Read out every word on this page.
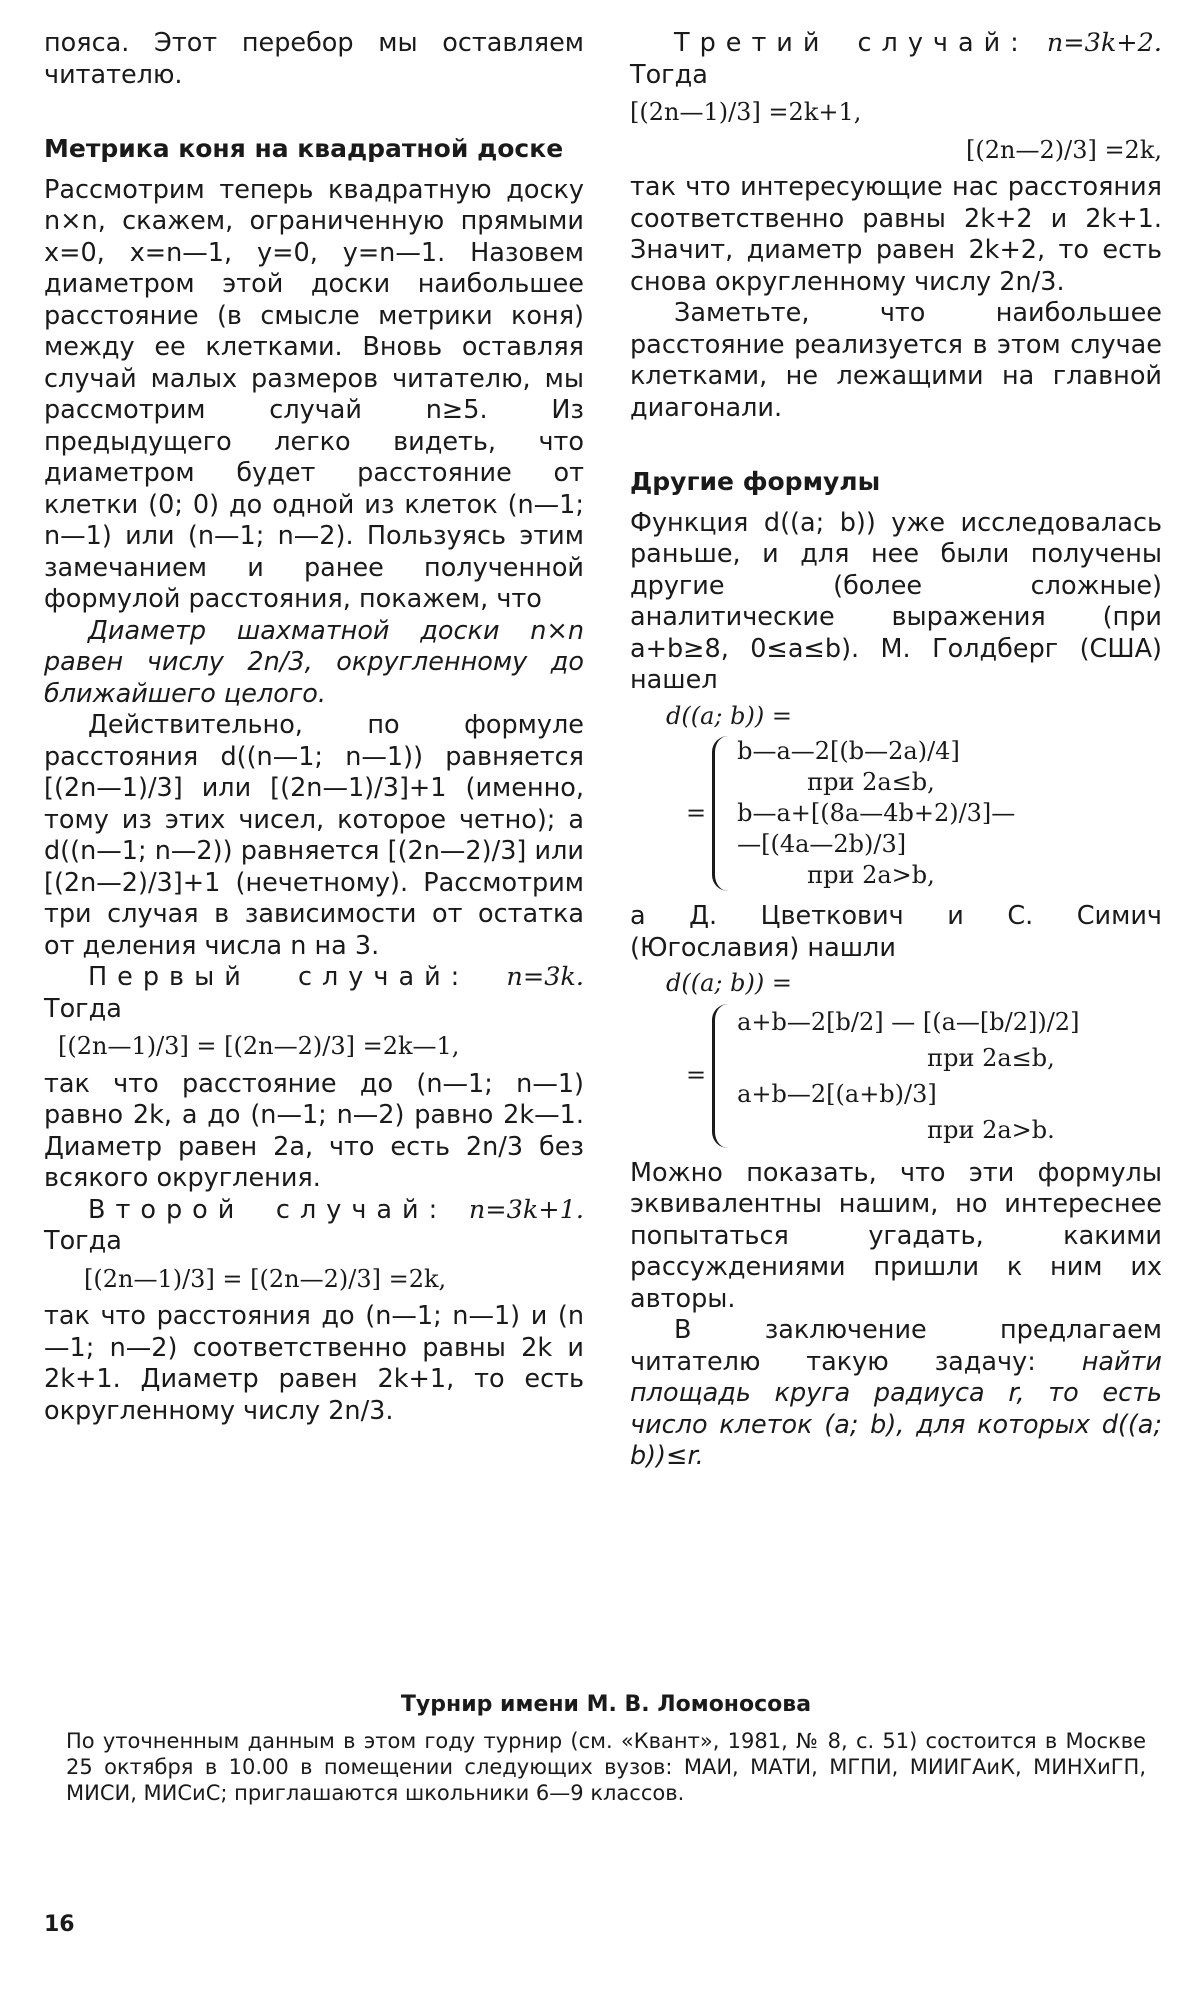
пояса. Этот перебор мы оставляем читателю.

Метрика коня на квадратной доске

Рассмотрим теперь квадратную доску n×n, скажем, ограниченную прямыми x=0, x=n—1, y=0, y=n—1. Назовем диаметром этой доски наибольшее расстояние (в смысле метрики коня) между ее клетками. Вновь оставляя случай малых размеров читателю, мы рассмотрим случай n≥5. Из предыдущего легко видеть, что диаметром будет расстояние от клетки (0; 0) до одной из клеток (n—1; n—1) или (n—1; n—2). Пользуясь этим замечанием и ранее полученной формулой расстояния, покажем, что

Диаметр шахматной доски n×n равен числу 2n/3, округленному до ближайшего целого.

Действительно, по формуле расстояния d((n—1; n—1)) равняется [(2n—1)/3] или [(2n—1)/3]+1 (именно, тому из этих чисел, которое четно); а d((n—1; n—2)) равняется [(2n—2)/3] или [(2n—2)/3]+1 (нечетному). Рассмотрим три случая в зависимости от остатка от деления числа n на 3.

Первый случай: n=3k.

Тогда

[(2n—1)/3] = [(2n—2)/3] =2k—1,

так что расстояние до (n—1; n—1) равно 2k, а до (n—1; n—2) равно 2k—1. Диаметр равен 2a, что есть 2n/3 без всякого округления.

Второй случай: n=3k+1.

Тогда

[(2n—1)/3] = [(2n—2)/3] =2k,

так что расстояния до (n—1; n—1) и (n—1; n—2) соответственно равны 2k и 2k+1. Диаметр равен 2k+1, то есть округленному числу 2n/3.

Третий случай: n=3k+2.

Тогда

[(2n—1)/3] =2k+1,
[(2n—2)/3] =2k,

так что интересующие нас расстояния соответственно равны 2k+2 и 2k+1. Значит, диаметр равен 2k+2, то есть снова округленному числу 2n/3.

Заметьте, что наибольшее расстояние реализуется в этом случае клетками, не лежащими на главной диагонали.

Другие формулы

Функция d((a; b)) уже исследовалась раньше, и для нее были получены другие (более сложные) аналитические выражения (при a+b≥8, 0≤a≤b). М. Голдберг (США) нашел

d((a; b)) =
=
b—a—2[(b—2a)/4]
при 2a≤b,
b—a+[(8a—4b+2)/3]—
—[(4a—2b)/3]
при 2a>b,

а Д. Цветкович и С. Симич (Югославия) нашли

d((a; b)) =
=
a+b—2[b/2] — [(a—[b/2])/2]
при 2a≤b,
a+b—2[(a+b)/3]
при 2a>b.

Можно показать, что эти формулы эквивалентны нашим, но интереснее попытаться угадать, какими рассуждениями пришли к ним их авторы.

В заключение предлагаем читателю такую задачу: найти площадь круга радиуса r, то есть число клеток (a; b), для которых d((a; b))≤r.

Турнир имени М. В. Ломоносова

По уточненным данным в этом году турнир (см. «Квант», 1981, № 8, с. 51) состоится в Москве 25 октября в 10.00 в помещении следующих вузов: МАИ, МАТИ, МГПИ, МИИГАиК, МИНХиГП, МИСИ, МИСиС; приглашаются школьники 6—9 классов.

16
